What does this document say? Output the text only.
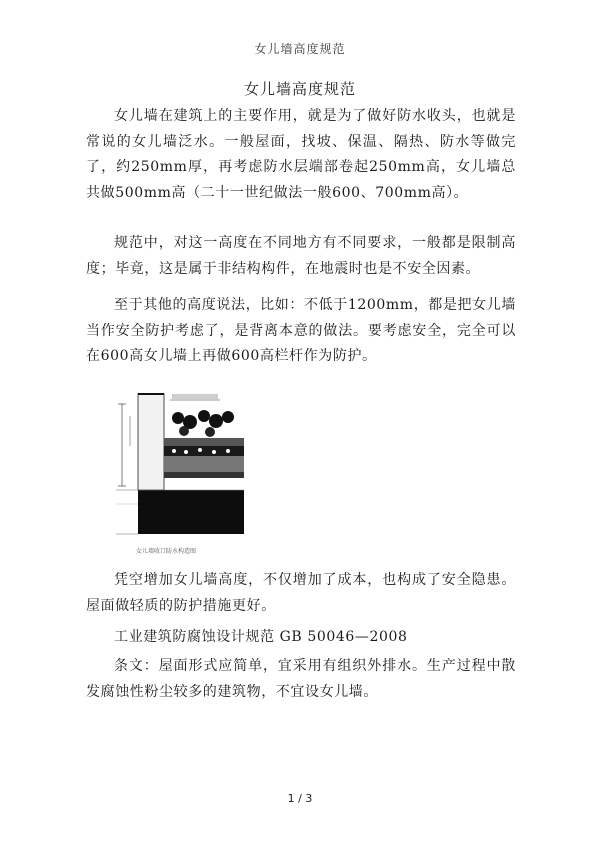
女儿墙高度规范
女儿墙高度规范

女儿墙在建筑上的主要作用，就是为了做好防水收头，也就是常说的女儿墙泛水。一般屋面，找坡、保温、隔热、防水等做完了，约250mm厚，再考虑防水层端部卷起250mm高，女儿墙总共做500mm高（二十一世纪做法一般600、700mm高）。

规范中，对这一高度在不同地方有不同要求，一般都是限制高度；毕竟，这是属于非结构构件，在地震时也是不安全因素。

至于其他的高度说法，比如：不低于1200mm，都是把女儿墙当作安全防护考虑了，是背离本意的做法。要考虑安全，完全可以在600高女儿墙上再做600高栏杆作为防护。

女儿墙收口防水构造图

凭空增加女儿墙高度，不仅增加了成本，也构成了安全隐患。屋面做轻质的防护措施更好。

工业建筑防腐蚀设计规范 GB 50046—2008

条文：屋面形式应简单，宜采用有组织外排水。生产过程中散发腐蚀性粉尘较多的建筑物，不宜设女儿墙。

1 / 3
